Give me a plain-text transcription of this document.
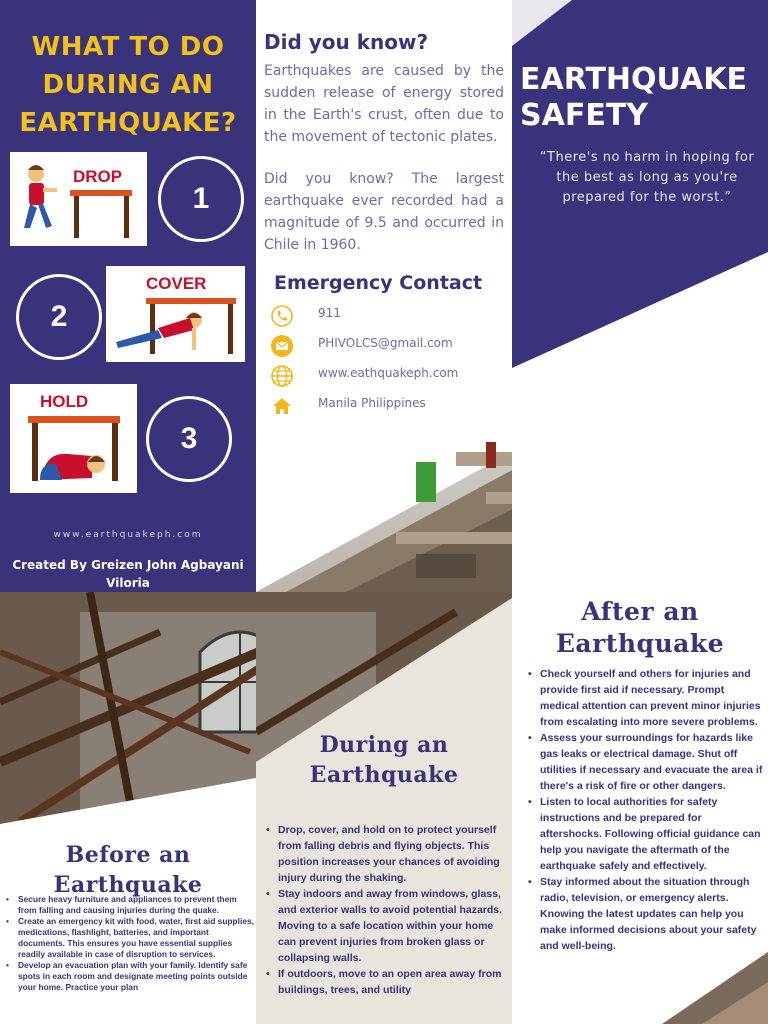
WHAT TO DO
DURING AN
EARTHQUAKE?
DROP
1
2
COVER
HOLD
3
www.earthquakeph.com
Created By Greizen John Agbayani
Viloria
Did you know?

Earthquakes are caused by the sudden release of energy stored in the Earth's crust, often due to the movement of tectonic plates.

Did you know? The largest earthquake ever recorded had a magnitude of 9.5 and occurred in Chile in 1960.

Emergency Contact
911
PHIVOLCS@gmail.com
www.eathquakeph.com
Manila Philippines
EARTHQUAKE
SAFETY

“There's no harm in hoping for the best as long as you're prepared for the worst.”

Before an
Earthquake
• Secure heavy furniture and appliances to prevent them from falling and causing injuries during the quake.
• Create an emergency kit with food, water, first aid supplies, medications, flashlight, batteries, and important documents. This ensures you have essential supplies readily available in case of disruption to services.
• Develop an evacuation plan with your family. Identify safe spots in each room and designate meeting points outside your home. Practice your plan
During an
Earthquake
• Drop, cover, and hold on to protect yourself from falling debris and flying objects. This position increases your chances of avoiding injury during the shaking.
• Stay indoors and away from windows, glass, and exterior walls to avoid potential hazards. Moving to a safe location within your home can prevent injuries from broken glass or collapsing walls.
• If outdoors, move to an open area away from buildings, trees, and utility
After an
Earthquake
• Check yourself and others for injuries and provide first aid if necessary. Prompt medical attention can prevent minor injuries from escalating into more severe problems.
• Assess your surroundings for hazards like gas leaks or electrical damage. Shut off utilities if necessary and evacuate the area if there's a risk of fire or other dangers.
• Listen to local authorities for safety instructions and be prepared for aftershocks. Following official guidance can help you navigate the aftermath of the earthquake safely and effectively.
• Stay informed about the situation through radio, television, or emergency alerts. Knowing the latest updates can help you make informed decisions about your safety and well-being.
